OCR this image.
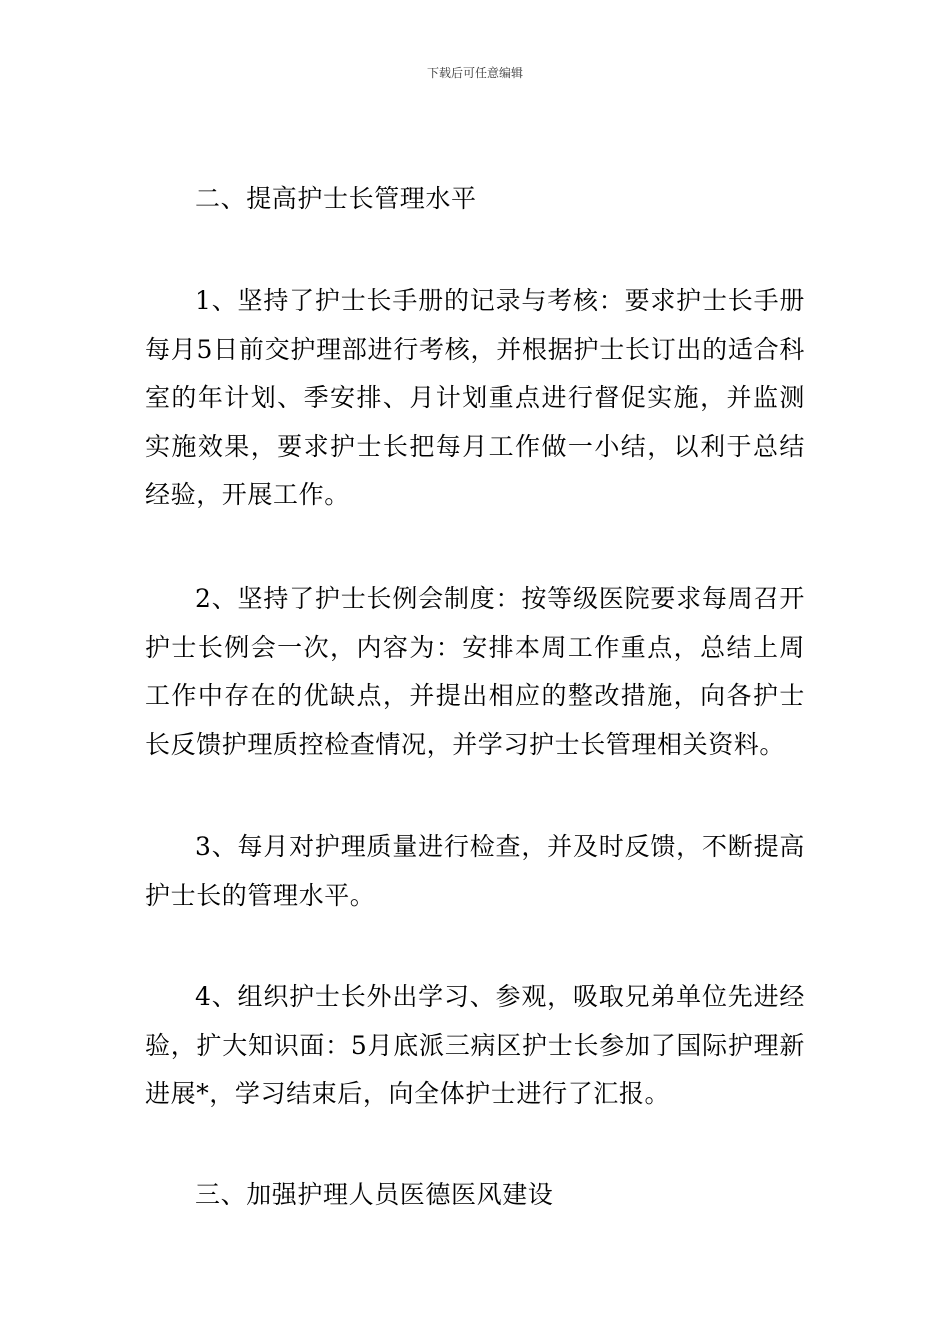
下载后可任意编辑
二、提高护士长管理水平
1、坚持了护士长手册的记录与考核：要求护士长手册每月5日前交护理部进行考核，并根据护士长订出的适合科室的年计划、季安排、月计划重点进行督促实施，并监测实施效果，要求护士长把每月工作做一小结，以利于总结经验，开展工作。
2、坚持了护士长例会制度：按等级医院要求每周召开护士长例会一次，内容为：安排本周工作重点，总结上周工作中存在的优缺点，并提出相应的整改措施，向各护士长反馈护理质控检查情况，并学习护士长管理相关资料。
3、每月对护理质量进行检查，并及时反馈，不断提高护士长的管理水平。
4、组织护士长外出学习、参观，吸取兄弟单位先进经验，扩大知识面：5月底派三病区护士长参加了国际护理新进展*，学习结束后，向全体护士进行了汇报。
三、加强护理人员医德医风建设
